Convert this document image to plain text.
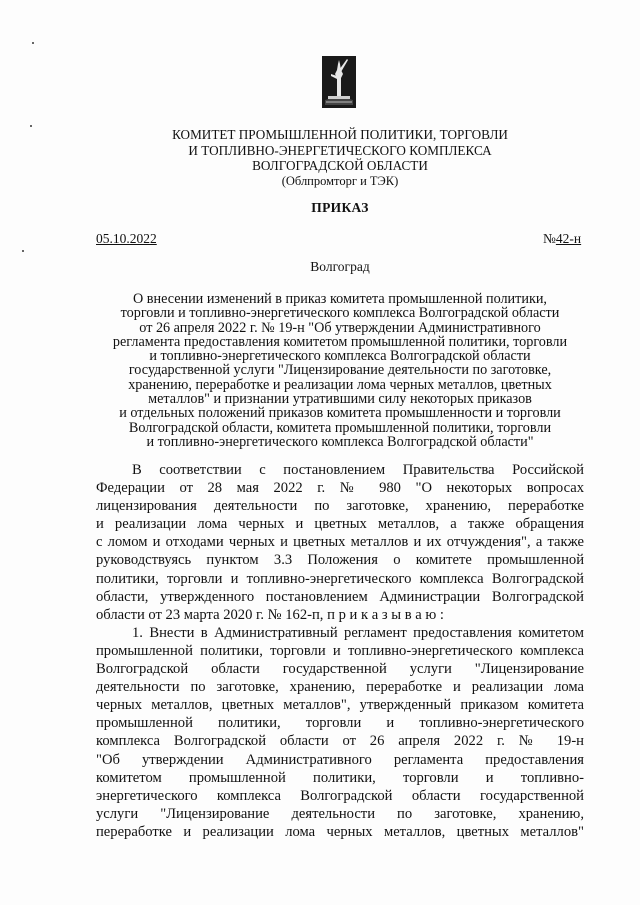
КОМИТЕТ ПРОМЫШЛЕННОЙ ПОЛИТИКИ, ТОРГОВЛИ
И ТОПЛИВНО-ЭНЕРГЕТИЧЕСКОГО КОМПЛЕКСА
ВОЛГОГРАДСКОЙ ОБЛАСТИ
(Облпромторг и ТЭК)
ПРИКАЗ
05.10.2022	№42-н
Волгоград
О внесении изменений в приказ комитета промышленной политики,
торговли и топливно-энергетического комплекса Волгоградской области
от 26 апреля 2022 г. № 19-н "Об утверждении Административного
регламента предоставления комитетом промышленной политики, торговли
и топливно-энергетического комплекса Волгоградской области
государственной услуги "Лицензирование деятельности по заготовке,
хранению, переработке и реализации лома черных металлов, цветных
металлов" и признании утратившими силу некоторых приказов
и отдельных положений приказов комитета промышленности и торговли
Волгоградской области, комитета промышленной политики, торговли
и топливно-энергетического комплекса Волгоградской области"
В соответствии с постановлением Правительства Российской
Федерации от 28 мая 2022 г. № 980 "О некоторых вопросах
лицензирования деятельности по заготовке, хранению, переработке
и реализации лома черных и цветных металлов, а также обращения
с ломом и отходами черных и цветных металлов и их отчуждения", а также
руководствуясь пунктом 3.3 Положения о комитете промышленной
политики, торговли и топливно-энергетического комплекса Волгоградской
области, утвержденного постановлением Администрации Волгоградской
области от 23 марта 2020 г. № 162-п, п р и к а з ы в а ю :
1. Внести в Административный регламент предоставления комитетом
промышленной политики, торговли и топливно-энергетического комплекса
Волгоградской области государственной услуги "Лицензирование
деятельности по заготовке, хранению, переработке и реализации лома
черных металлов, цветных металлов", утвержденный приказом комитета
промышленной политики, торговли и топливно-энергетического
комплекса Волгоградской области от 26 апреля 2022 г. № 19-н
"Об утверждении Административного регламента предоставления
комитетом промышленной политики, торговли и топливно-
энергетического комплекса Волгоградской области государственной
услуги "Лицензирование деятельности по заготовке, хранению,
переработке и реализации лома черных металлов, цветных металлов"
